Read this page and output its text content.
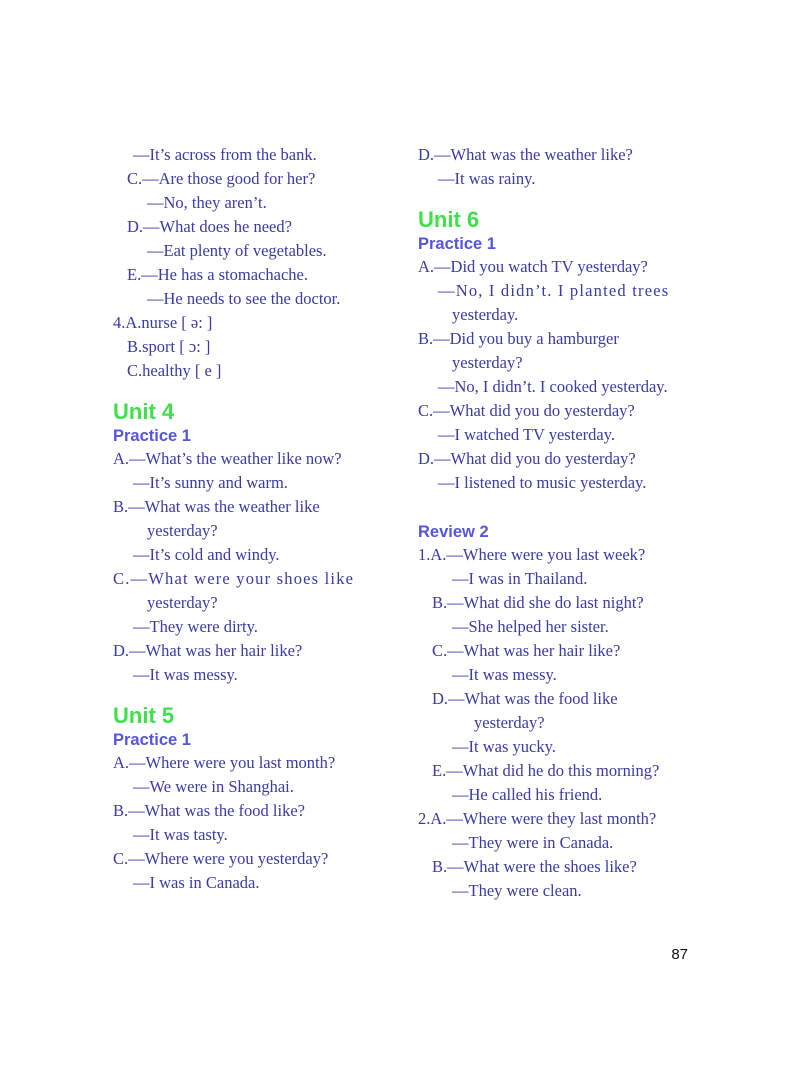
—It’s across from the bank.
C.—Are those good for her?
—No, they aren’t.
D.—What does he need?
—Eat plenty of vegetables.
E.—He has a stomachache.
—He needs to see the doctor.
4.A.nurse [ ə: ]
B.sport [ ɔ: ]
C.healthy [ e ]
Unit 4
Practice 1
A.—What’s the weather like now?
—It’s sunny and warm.
B.—What was the weather like
yesterday?
—It’s cold and windy.
C.—What were your shoes like
yesterday?
—They were dirty.
D.—What was her hair like?
—It was messy.
Unit 5
Practice 1
A.—Where were you last month?
—We were in Shanghai.
B.—What was the food like?
—It was tasty.
C.—Where were you yesterday?
—I was in Canada.
D.—What was the weather like?
—It was rainy.
Unit 6
Practice 1
A.—Did you watch TV yesterday?
—No, I didn’t. I planted trees
yesterday.
B.—Did you buy a hamburger
yesterday?
—No, I didn’t. I cooked yesterday.
C.—What did you do yesterday?
—I watched TV yesterday.
D.—What did you do yesterday?
—I listened to music yesterday.
Review 2
1.A.—Where were you last week?
—I was in Thailand.
B.—What did she do last night?
—She helped her sister.
C.—What was her hair like?
—It was messy.
D.—What was the food like
yesterday?
—It was yucky.
E.—What did he do this morning?
—He called his friend.
2.A.—Where were they last month?
—They were in Canada.
B.—What were the shoes like?
—They were clean.
87
